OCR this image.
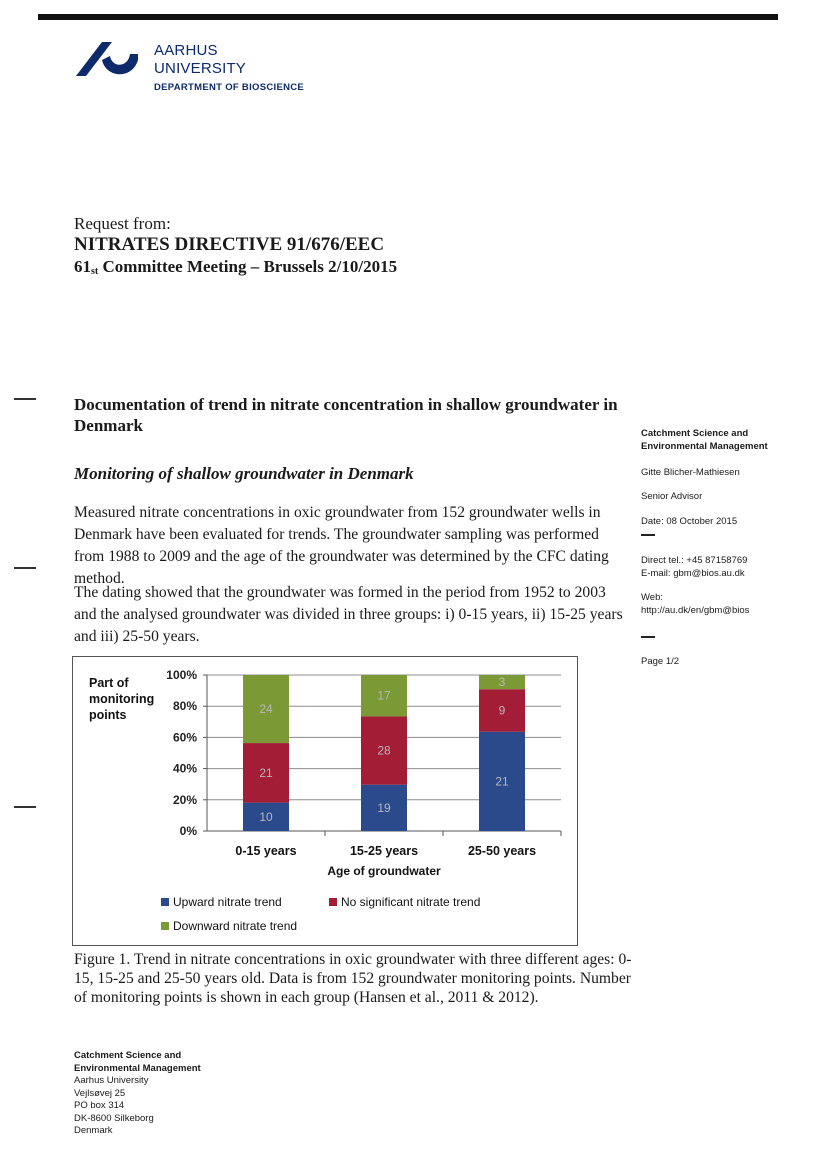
AARHUS
UNIVERSITY
DEPARTMENT OF BIOSCIENCE
Request from:
NITRATES DIRECTIVE 91/676/EEC
$61_{st}$ Committee Meeting – Brussels 2/10/2015
Documentation of trend in nitrate concentration in shallow groundwater in Denmark
Monitoring of shallow groundwater in Denmark
Measured nitrate concentrations in oxic groundwater from 152 groundwater wells in Denmark have been evaluated for trends. The groundwater sampling was performed from 1988 to 2009 and the age of the groundwater was determined by the CFC dating method.
The dating showed that the groundwater was formed in the period from 1952 to 2003 and the analysed groundwater was divided in three groups: i) 0-15 years, ii) 15-25 years and iii) 25-50 years.
Catchment Science and
Environmental Management
Gitte Blicher-Mathiesen
Senior Advisor
Date: 08 October 2015
Direct tel.: +45 87158769
E-mail: gbm@bios.au.dk
Web:
http://au.dk/en/gbm@bios
Page 1/2
0%
20%
40%
60%
80%
100%
Part of
monitoring
points
10
21
24
0-15 years
19
28
17
15-25 years
21
9
3
25-50 years
Age of groundwater
Upward nitrate trend	No significant nitrate trend
Downward nitrate trend
Figure 1. Trend in nitrate concentrations in oxic groundwater with three different ages: 0-15, 15-25 and 25-50 years old. Data is from 152 groundwater monitoring points. Number of monitoring points is shown in each group (Hansen et al., 2011 & 2012).
Catchment Science and
Environmental Management
Aarhus University
Vejlsøvej 25
PO box 314
DK-8600 Silkeborg
Denmark
